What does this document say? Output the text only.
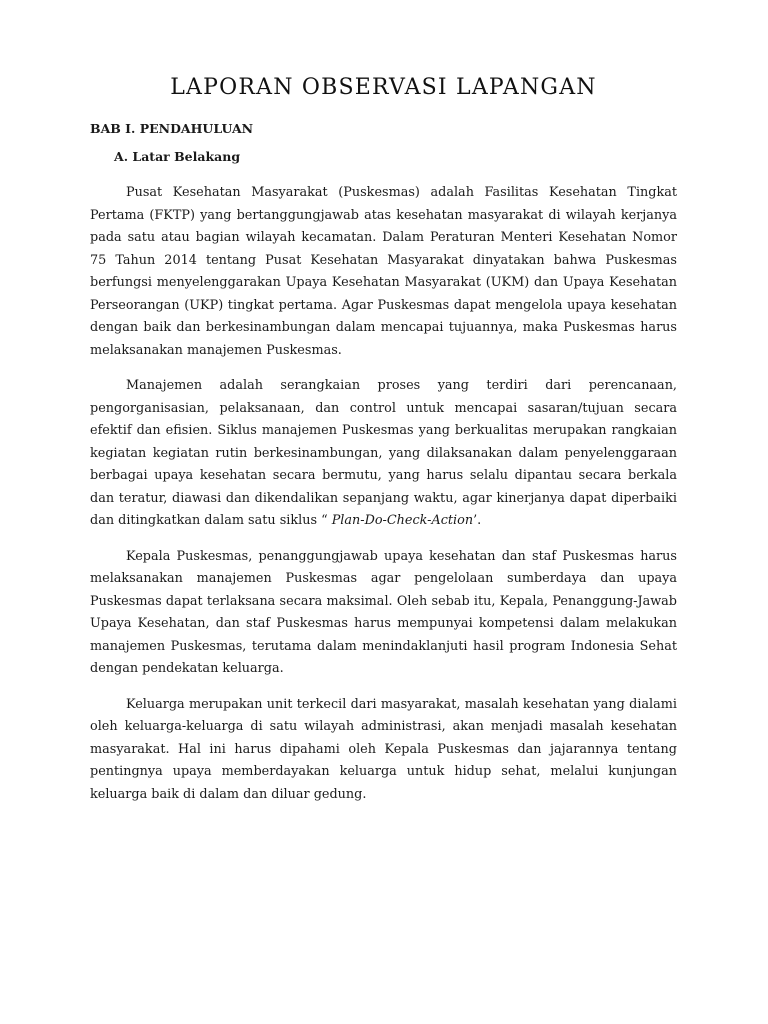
LAPORAN OBSERVASI LAPANGAN
BAB I. PENDAHULUAN
A. Latar Belakang

Pusat Kesehatan Masyarakat (Puskesmas) adalah Fasilitas Kesehatan Tingkat Pertama (FKTP) yang bertanggungjawab atas kesehatan masyarakat di wilayah kerjanya pada satu atau bagian wilayah kecamatan. Dalam Peraturan Menteri Kesehatan Nomor 75 Tahun 2014 tentang Pusat Kesehatan Masyarakat dinyatakan bahwa Puskesmas berfungsi menyelenggarakan Upaya Kesehatan Masyarakat (UKM) dan Upaya Kesehatan Perseorangan (UKP) tingkat pertama. Agar Puskesmas dapat mengelola upaya kesehatan dengan baik dan berkesinambungan dalam mencapai tujuannya, maka Puskesmas harus melaksanakan manajemen Puskesmas.

Manajemen adalah serangkaian proses yang terdiri dari perencanaan, pengorganisasian, pelaksanaan, dan control untuk mencapai sasaran/tujuan secara efektif dan efisien. Siklus manajemen Puskesmas yang berkualitas merupakan rangkaian kegiatan kegiatan rutin berkesinambungan, yang dilaksanakan dalam penyelenggaraan berbagai upaya kesehatan secara bermutu, yang harus selalu dipantau secara berkala dan teratur, diawasi dan dikendalikan sepanjang waktu, agar kinerjanya dapat diperbaiki dan ditingkatkan dalam satu siklus “ Plan-Do-Check-Action’.

Kepala Puskesmas, penanggungjawab upaya kesehatan dan staf Puskesmas harus melaksanakan manajemen Puskesmas agar pengelolaan sumberdaya dan upaya Puskesmas dapat terlaksana secara maksimal. Oleh sebab itu, Kepala, Penanggung-Jawab Upaya Kesehatan, dan staf Puskesmas harus mempunyai kompetensi dalam melakukan manajemen Puskesmas, terutama dalam menindaklanjuti hasil program Indonesia Sehat dengan pendekatan keluarga.

Keluarga merupakan unit terkecil dari masyarakat, masalah kesehatan yang dialami oleh keluarga-keluarga di satu wilayah administrasi, akan menjadi masalah kesehatan masyarakat. Hal ini harus dipahami oleh Kepala Puskesmas dan jajarannya tentang pentingnya upaya memberdayakan keluarga untuk hidup sehat, melalui kunjungan keluarga baik di dalam dan diluar gedung.
